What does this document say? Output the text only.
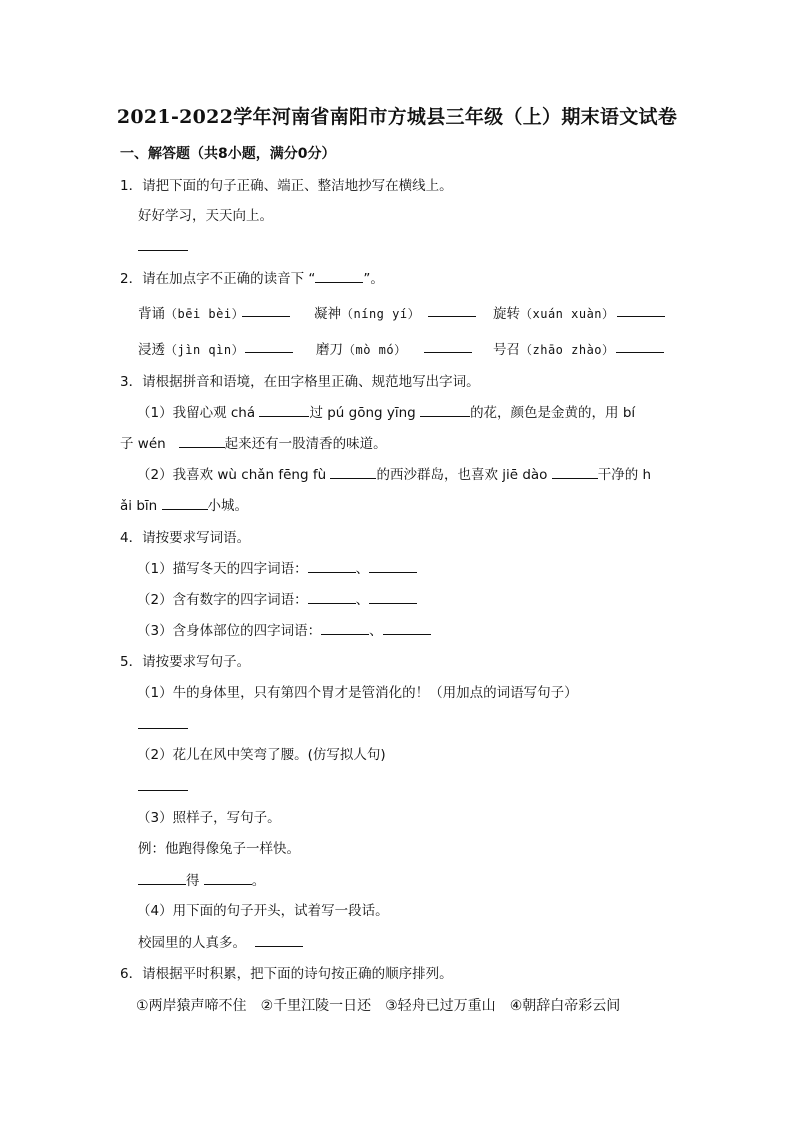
2021-2022学年河南省南阳市方城县三年级（上）期末语文试卷
一、解答题（共8小题，满分0分）
1．请把下面的句子正确、端正、整洁地抄写在横线上。
好好学习，天天向上。
2．请在加点字不正确的读音下 “	”。
背诵（bēi bèi）	凝神（níng yí）	旋转（xuán xuàn）
浸透（jìn qìn）	磨刀（mò mó）	号召（zhāo zhào）
3．请根据拼音和语境，在田字格里正确、规范地写出字词。
（1）我留心观 chá	过 pú gōng yīng	的花，颜色是金黄的，用 bí
子 wén	起来还有一股清香的味道。
（2）我喜欢 wù chǎn fēng fù	的西沙群岛，也喜欢 jiē dào	干净的 h
ǎi bīn	小城。
4．请按要求写词语。
（1）描写冬天的四字词语：	、
（2）含有数字的四字词语：	、
（3）含身体部位的四字词语：	、
5．请按要求写句子。
（1）牛的身体里，只有第四个胃才是管消化的！（用加点的词语写句子）
（2）花儿在风中笑弯了腰。(仿写拟人句)
（3）照样子，写句子。
例：他跑得像兔子一样快。
得	。
（4）用下面的句子开头，试着写一段话。
校园里的人真多。
6．请根据平时积累，把下面的诗句按正确的顺序排列。
①两岸猿声啼不住 ②千里江陵一日还 ③轻舟已过万重山 ④朝辞白帝彩云间
